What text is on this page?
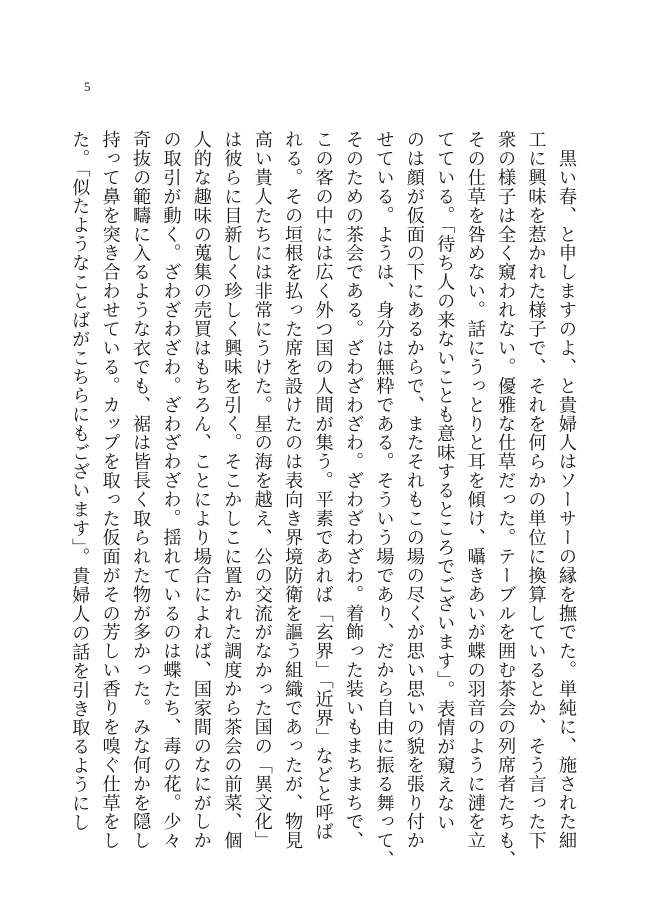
5
　黒い春、と申しますのよ、と貴婦人はソーサーの縁を撫でた。単純に、施された細
工に興味を惹かれた様子で、それを何らかの単位に換算しているとか、そう言った下
衆の様子は全く窺われない。優雅な仕草だった。テーブルを囲む茶会の列席者たちも、
その仕草を咎めない。話にうっとりと耳を傾け、囁きあいが蝶の羽音のように漣を立
てている。「待ち人の来ないことも意味するところでございます」。表情が窺えない
のは顔が仮面の下にあるからで、またそれもこの場の尽くが思い思いの貌を張り付か
せている。ようは、身分は無粋である。そういう場であり、だから自由に振る舞って、
そのための茶会である。ざわざわざわ。ざわざわざわ。着飾った装いもまちまちで、
この客の中には広く外つ国の人間が集う。平素であれば「玄界」「近界」などと呼ば
れる。その垣根を払った席を設けたのは表向き界境防衛を謳う組織であったが、物見
高い貴人たちには非常にうけた。星の海を越え、公の交流がなかった国の「異文化」
は彼らに目新しく珍しく興味を引く。そこかしこに置かれた調度から茶会の前菜、個
人的な趣味の蒐集の売買はもちろん、ことにより場合によれば、国家間のなにがしか
の取引が動く。ざわざわざわ。ざわざわざわ。揺れているのは蝶たち、毒の花。少々
奇抜の範疇に入るような衣でも、裾は皆長く取られた物が多かった。みな何かを隠し
持って鼻を突き合わせている。カップを取った仮面がその芳しい香りを嗅ぐ仕草をし
た。「似たようなことばがこちらにもございます」。貴婦人の話を引き取るようにし
